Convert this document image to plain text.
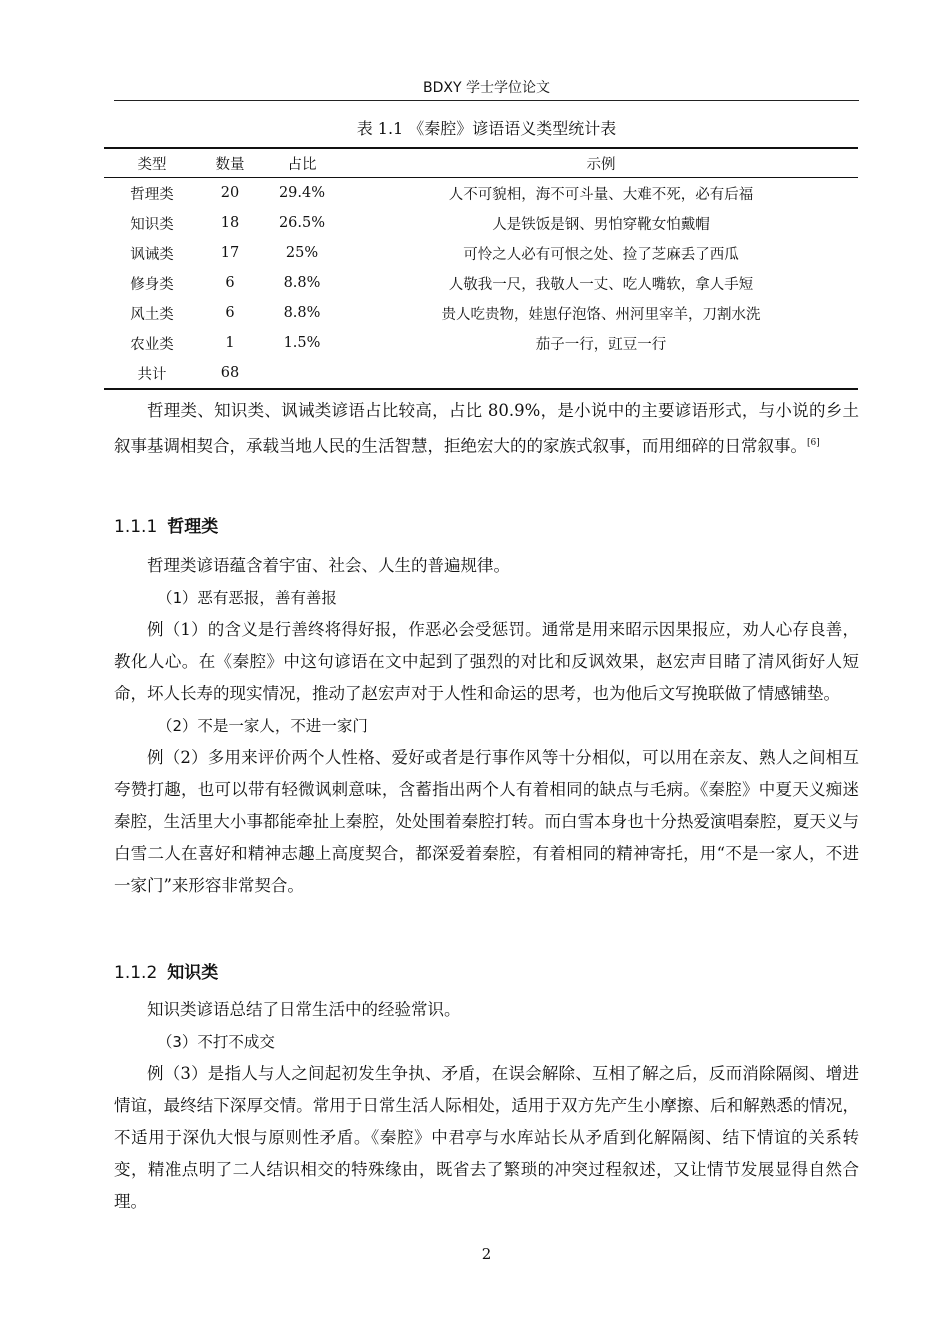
BDXY 学士学位论文
表 1.1 《秦腔》谚语语义类型统计表
类型	数量	占比	示例
哲理类	20	29.4%	人不可貌相，海不可斗量、大难不死，必有后福
知识类	18	26.5%	人是铁饭是钢、男怕穿靴女怕戴帽
讽诫类	17	25%	可怜之人必有可恨之处、捡了芝麻丢了西瓜
修身类	6	8.8%	人敬我一尺，我敬人一丈、吃人嘴软，拿人手短
风土类	6	8.8%	贵人吃贵物，娃崽仔泡饹、州河里宰羊，刀割水洗
农业类	1	1.5%	茄子一行，豇豆一行
共计	68		

哲理类、知识类、讽诫类谚语占比较高，占比 80.9%，是小说中的主要谚语形式，与小说的乡土叙事基调相契合，承载当地人民的生活智慧，拒绝宏大的的家族式叙事，而用细碎的日常叙事。[6]

1.1.1 哲理类

哲理类谚语蕴含着宇宙、社会、人生的普遍规律。

（1）恶有恶报，善有善报

例（1）的含义是行善终将得好报，作恶必会受惩罚。通常是用来昭示因果报应，劝人心存良善，教化人心。在《秦腔》中这句谚语在文中起到了强烈的对比和反讽效果，赵宏声目睹了清风街好人短命，坏人长寿的现实情况，推动了赵宏声对于人性和命运的思考，也为他后文写挽联做了情感铺垫。

（2）不是一家人，不进一家门

例（2）多用来评价两个人性格、爱好或者是行事作风等十分相似，可以用在亲友、熟人之间相互夸赞打趣，也可以带有轻微讽刺意味，含蓄指出两个人有着相同的缺点与毛病。《秦腔》中夏天义痴迷秦腔，生活里大小事都能牵扯上秦腔，处处围着秦腔打转。而白雪本身也十分热爱演唱秦腔，夏天义与白雪二人在喜好和精神志趣上高度契合，都深爱着秦腔，有着相同的精神寄托，用“不是一家人，不进一家门”来形容非常契合。

1.1.2 知识类

知识类谚语总结了日常生活中的经验常识。

（3）不打不成交

例（3）是指人与人之间起初发生争执、矛盾，在误会解除、互相了解之后，反而消除隔阂、增进情谊，最终结下深厚交情。常用于日常生活人际相处，适用于双方先产生小摩擦、后和解熟悉的情况，不适用于深仇大恨与原则性矛盾。《秦腔》中君亭与水库站长从矛盾到化解隔阂、结下情谊的关系转变，精准点明了二人结识相交的特殊缘由，既省去了繁琐的冲突过程叙述，又让情节发展显得自然合理。

2
